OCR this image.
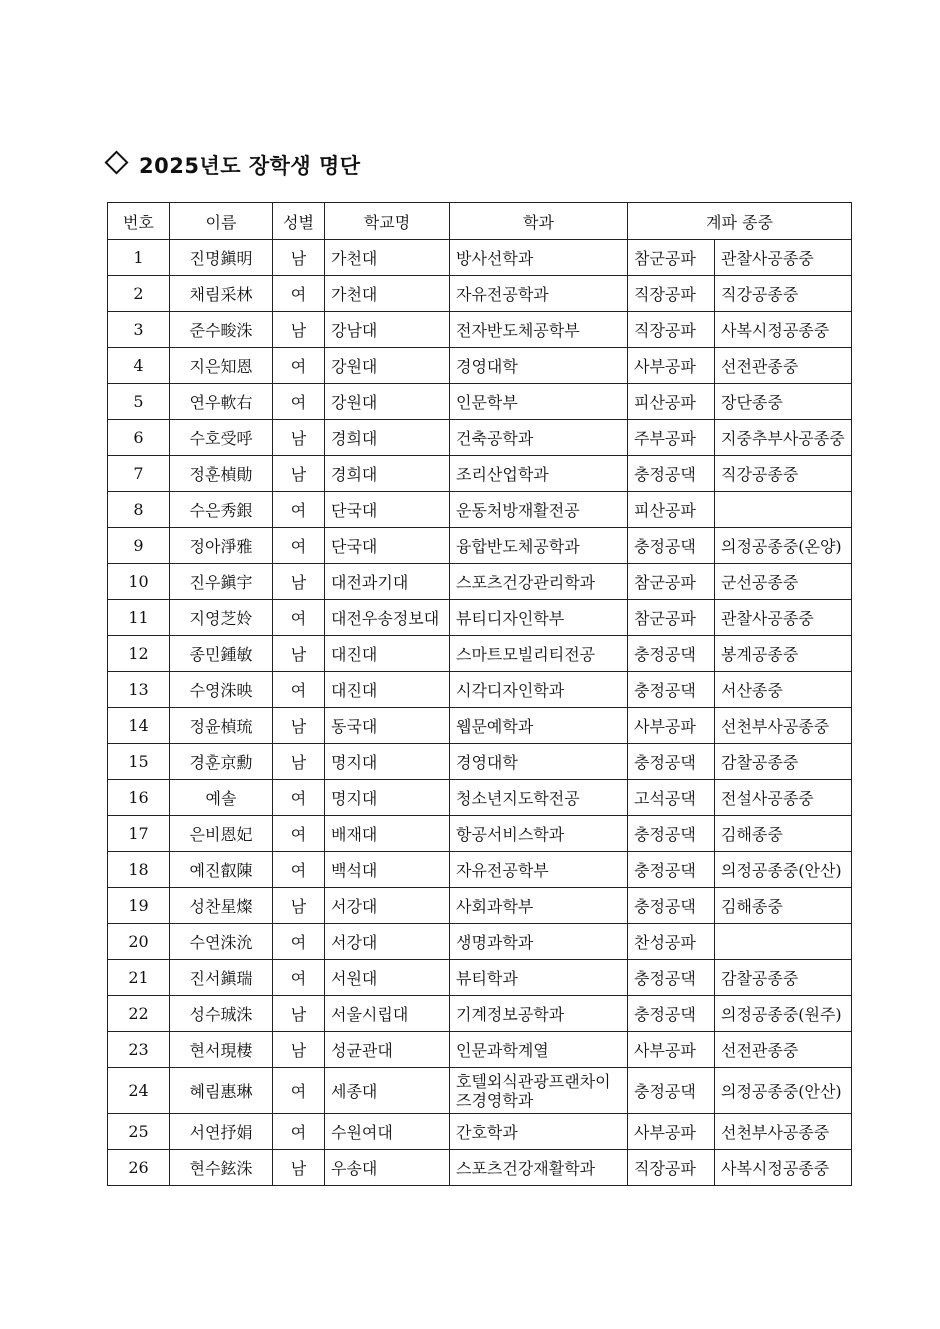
2025년도 장학생 명단
번호	이름	성별	학교명	학과	계파 종중	
1	진명鎭明	남	가천대	방사선학과	참군공파	관찰사공종중
2	채림采林	여	가천대	자유전공학과	직장공파	직강공종중
3	준수畯洙	남	강남대	전자반도체공학부	직장공파	사복시정공종중
4	지은知恩	여	강원대	경영대학	사부공파	선전관종중
5	연우軟右	여	강원대	인문학부	피산공파	장단종중
6	수호受呼	남	경희대	건축공학과	주부공파	지중추부사공종중
7	정훈楨勛	남	경희대	조리산업학과	충정공댁	직강공종중
8	수은秀銀	여	단국대	운동처방재활전공	피산공파	
9	정아淨雅	여	단국대	융합반도체공학과	충정공댁	의정공종중(온양)
10	진우鎭宇	남	대전과기대	스포츠건강관리학과	참군공파	군선공종중
11	지영芝姈	여	대전우송정보대	뷰티디자인학부	참군공파	관찰사공종중
12	종민鍾敏	남	대진대	스마트모빌리티전공	충정공댁	봉계공종중
13	수영洙映	여	대진대	시각디자인학과	충정공댁	서산종중
14	정윤楨琉	남	동국대	웹문예학과	사부공파	선천부사공종중
15	경훈京勳	남	명지대	경영대학	충정공댁	감찰공종중
16	예솔	여	명지대	청소년지도학전공	고석공댁	전설사공종중
17	은비恩妃	여	배재대	항공서비스학과	충정공댁	김해종중
18	예진叡陳	여	백석대	자유전공학부	충정공댁	의정공종중(안산)
19	성찬星燦	남	서강대	사회과학부	충정공댁	김해종중
20	수연洙沇	여	서강대	생명과학과	찬성공파	
21	진서鎭瑞	여	서원대	뷰티학과	충정공댁	감찰공종중
22	성수珹洙	남	서울시립대	기계정보공학과	충정공댁	의정공종중(원주)
23	현서現棲	남	성균관대	인문과학계열	사부공파	선전관종중
24	혜림惠琳	여	세종대	호텔외식관광프랜차이즈경영학과	충정공댁	의정공종중(안산)
25	서연抒娟	여	수원여대	간호학과	사부공파	선천부사공종중
26	현수鉉洙	남	우송대	스포츠건강재활학과	직장공파	사복시정공종중
